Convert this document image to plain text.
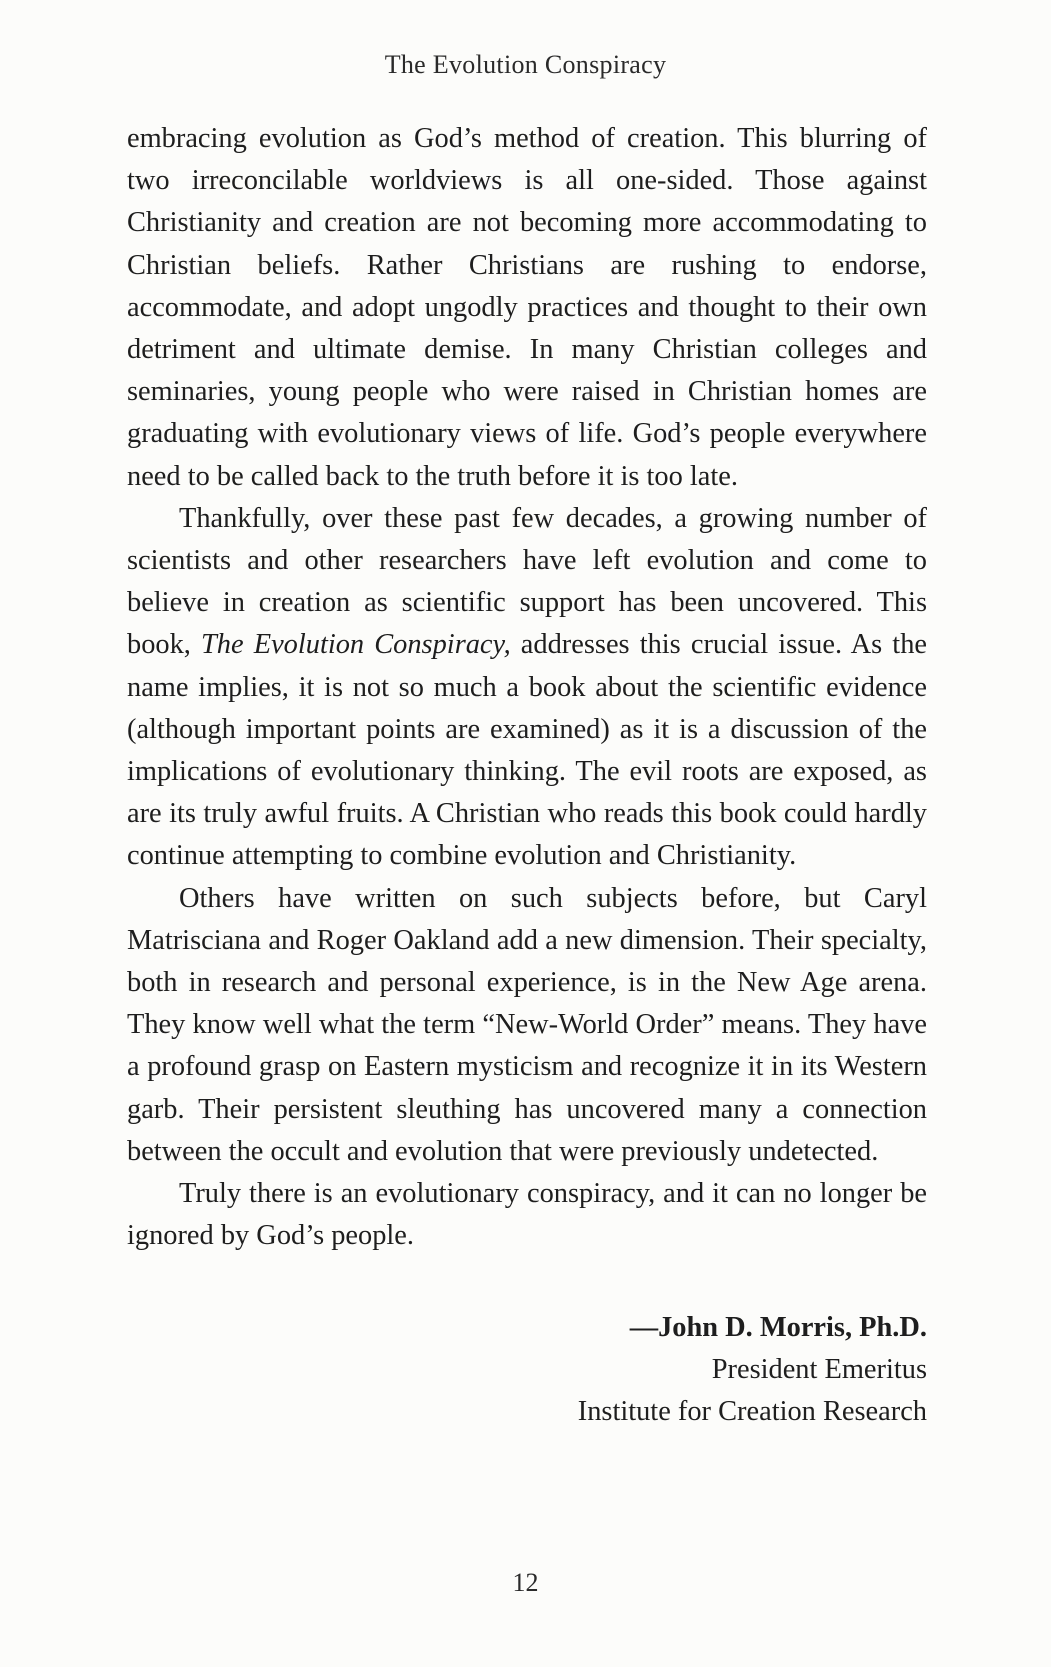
The Evolution Conspiracy

embracing evolution as God’s method of creation. This blurring of two irreconcilable worldviews is all one-sided. Those against Christianity and creation are not becoming more accommodating to Christian beliefs. Rather Christians are rushing to endorse, accommodate, and adopt ungodly practices and thought to their own detriment and ultimate demise. In many Christian colleges and seminaries, young people who were raised in Christian homes are graduating with evolutionary views of life. God’s people everywhere need to be called back to the truth before it is too late.

Thankfully, over these past few decades, a growing number of scientists and other researchers have left evolution and come to believe in creation as scientific support has been uncovered. This book, The Evolution Conspiracy, addresses this crucial issue. As the name implies, it is not so much a book about the scientific evidence (although important points are examined) as it is a discussion of the implications of evolutionary thinking. The evil roots are exposed, as are its truly awful fruits. A Christian who reads this book could hardly continue attempting to combine evolution and Christianity.

Others have written on such subjects before, but Caryl Matrisciana and Roger Oakland add a new dimension. Their specialty, both in research and personal experience, is in the New Age arena. They know well what the term “New-World Order” means. They have a profound grasp on Eastern mysticism and recognize it in its Western garb. Their persistent sleuthing has uncovered many a connection between the occult and evolution that were previously undetected.

Truly there is an evolutionary conspiracy, and it can no longer be ignored by God’s people.

—John D. Morris, Ph.D.
President Emeritus
Institute for Creation Research
12
